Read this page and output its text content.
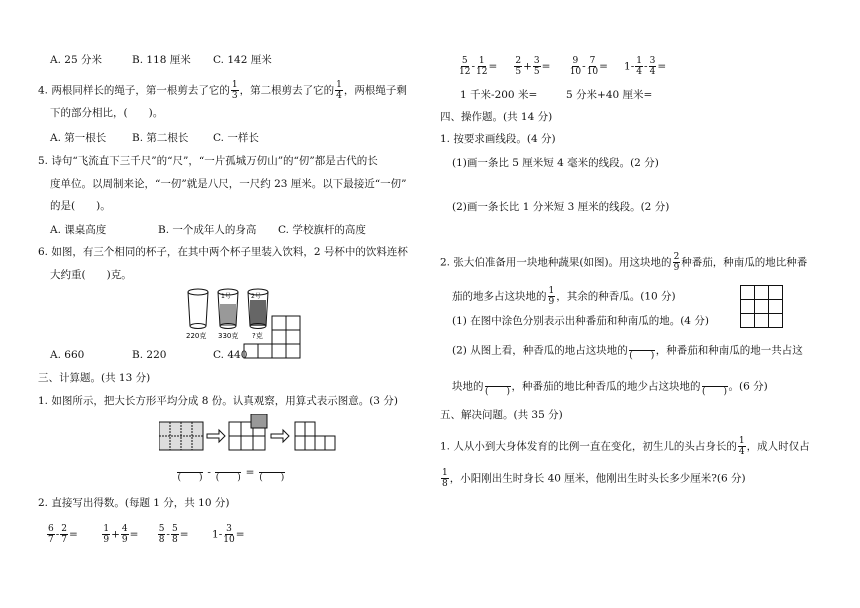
A. 25 分米	B. 118 厘米 C. 142 厘米
4. 两根同样长的绳子，第一根剪去了它的 $\frac{1}{3}$ ，第二根剪去了它的 $\frac{1}{4}$ ，两根绳子剩
下的部分相比，(　　)。
A. 第一根长 B. 第二根长 C. 一样长
5. 诗句“飞流直下三千尺”的“尺”，“一片孤城万仞山”的“仞”都是古代的长
度单位。以周制来论，“一仞”就是八尺，一尺约 23 厘米。以下最接近“一仞”
的是(　　)。
A. 课桌高度	B. 一个成年人的身高 C. 学校旗杆的高度
6. 如图，有三个相同的杯子，在其中两个杯子里装入饮料，2 号杯中的饮料连杯
大约重(　　)克。
1号	2号
220克 330克 ?克
A. 660	B. 220	C. 440
三、计算题。(共 13 分)
1. 如图所示，把大长方形平均分成 8 份。认真观察，用算式表示图意。(3 分)
(　　) - (　　) = (　　)
2. 直接写出得数。(每题 1 分，共 10 分)
$\frac{6}{7} - \frac{2}{7}$ =	$\frac{1}{9} + \frac{4}{9} = \frac{5}{8} - \frac{5}{8} = 1- \frac{3}{10}$ =
$\frac{5}{12} - \frac{1}{12} = \frac{2}{5} + \frac{3}{5} = \frac{9}{10} - \frac{7}{10} = 1- \frac{1}{4} - \frac{3}{4}$ =
1 千米-200 米=	5 分米+40 厘米=
四、操作题。(共 14 分)
1. 按要求画线段。(4 分)
(1)画一条比 5 厘米短 4 毫米的线段。(2 分)
(2)画一条长比 1 分米短 3 厘米的线段。(2 分)
2. 张大伯准备用一块地种蔬果(如图)。用这块地的 $\frac{2}{9}$ 种番茄，种南瓜的地比种番
茄的地多占这块地的 $\frac{1}{9}$ ，其余的种香瓜。(10 分)
(1) 在图中涂色分别表示出种番茄和种南瓜的地。(4 分)
(2) 从图上看，种香瓜的地占这块地的 (　　) ，种番茄和种南瓜的地一共占这
块地的 (　　) ，种番茄的地比种香瓜的地少占这块地的 (　　) 。(6 分)
五、解决问题。(共 35 分)
1. 人从小到大身体发育的比例一直在变化，初生儿的头占身长的 $\frac{1}{4}$ ，成人时仅占
$\frac{1}{8}$ ，小阳刚出生时身长 40 厘米，他刚出生时头长多少厘米?(6 分)
